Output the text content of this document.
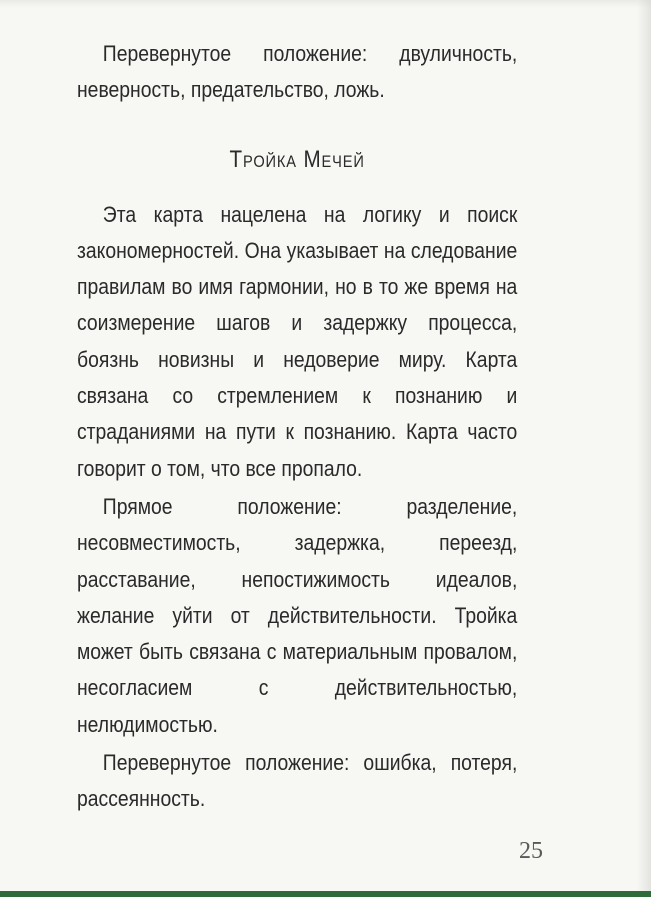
Перевернутое положение: двуличность, неверность, предательство, ложь.

Тройка Мечей

Эта карта нацелена на логику и поиск закономерностей. Она указывает на следование правилам во имя гармонии, но в то же время на соизмерение шагов и задержку процесса, боязнь новизны и недоверие миру. Карта связана со стремлением к познанию и страданиями на пути к познанию. Карта часто говорит о том, что все пропало.

Прямое положение: разделение, несовместимость, задержка, переезд, расставание, непостижимость идеалов, желание уйти от действительности. Тройка может быть связана с материальным провалом, несогласием с действительностью, нелюдимостью.

Перевернутое положение: ошибка, потеря, рассеянность.

25
